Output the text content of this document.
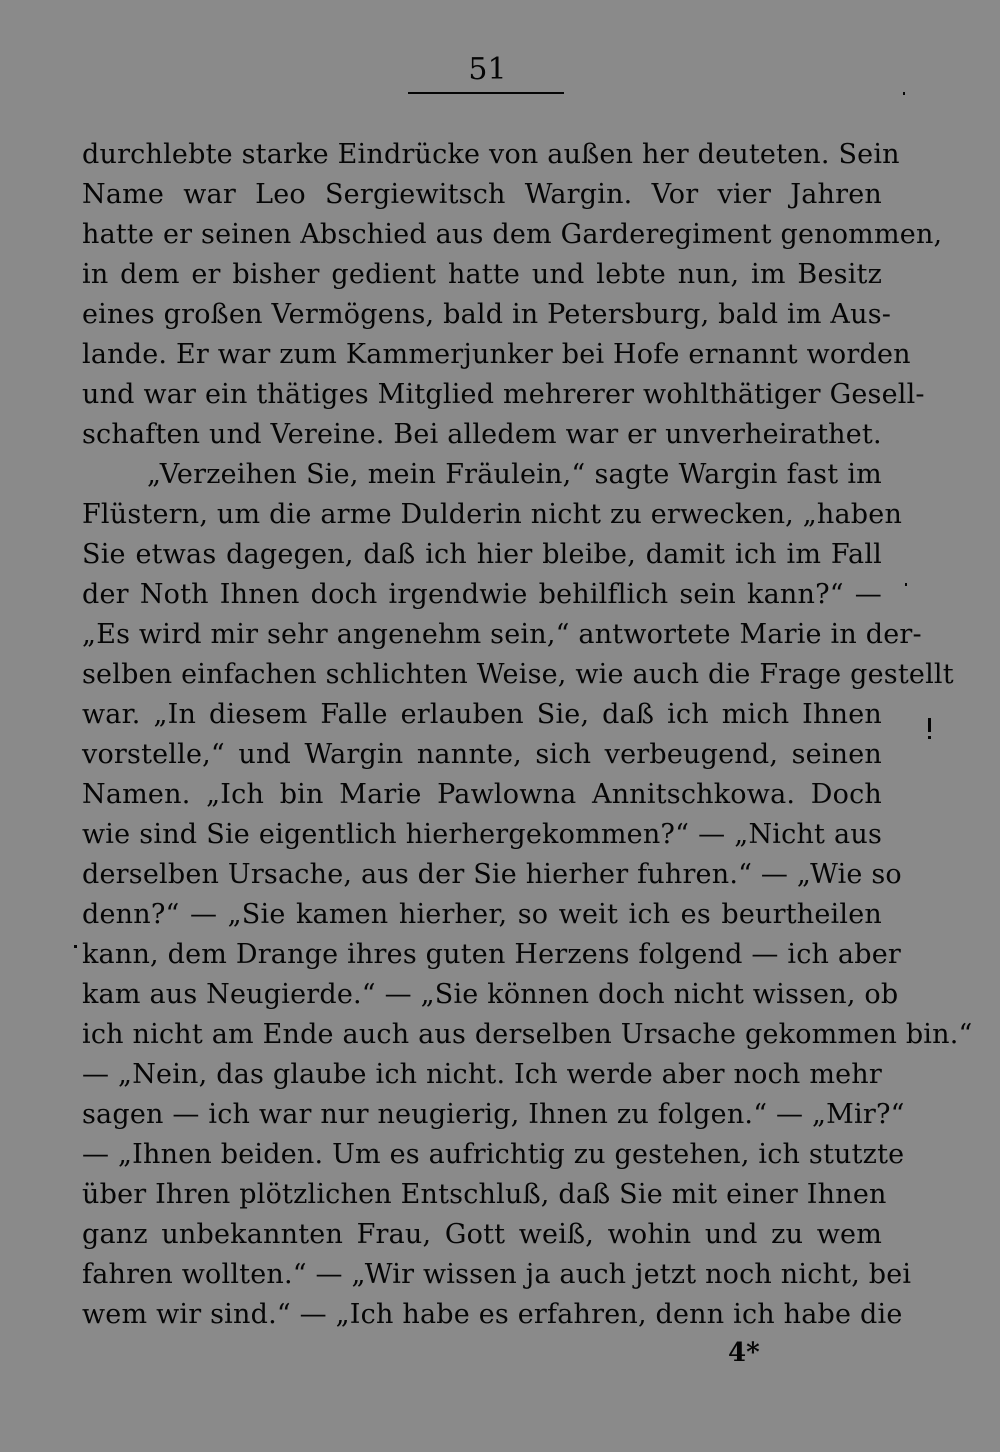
51
durchlebte starke Eindrücke von außen her deuteten. Sein
Name war Leo Sergiewitsch Wargin. Vor vier Jahren
hatte er seinen Abschied aus dem Garderegiment genommen,
in dem er bisher gedient hatte und lebte nun, im Besitz
eines großen Vermögens, bald in Petersburg, bald im Aus-
lande. Er war zum Kammerjunker bei Hofe ernannt worden
und war ein thätiges Mitglied mehrerer wohlthätiger Gesell-
schaften und Vereine. Bei alledem war er unverheirathet.
„Verzeihen Sie, mein Fräulein,“ sagte Wargin fast im
Flüstern, um die arme Dulderin nicht zu erwecken, „haben
Sie etwas dagegen, daß ich hier bleibe, damit ich im Fall
der Noth Ihnen doch irgendwie behilflich sein kann?“ —
„Es wird mir sehr angenehm sein,“ antwortete Marie in der-
selben einfachen schlichten Weise, wie auch die Frage gestellt
war. „In diesem Falle erlauben Sie, daß ich mich Ihnen
vorstelle,“ und Wargin nannte, sich verbeugend, seinen
Namen. „Ich bin Marie Pawlowna Annitschkowa. Doch
wie sind Sie eigentlich hierhergekommen?“ — „Nicht aus
derselben Ursache, aus der Sie hierher fuhren.“ — „Wie so
denn?“ — „Sie kamen hierher, so weit ich es beurtheilen
kann, dem Drange ihres guten Herzens folgend — ich aber
kam aus Neugierde.“ — „Sie können doch nicht wissen, ob
ich nicht am Ende auch aus derselben Ursache gekommen bin.“
— „Nein, das glaube ich nicht. Ich werde aber noch mehr
sagen — ich war nur neugierig, Ihnen zu folgen.“ — „Mir?“
— „Ihnen beiden. Um es aufrichtig zu gestehen, ich stutzte
über Ihren plötzlichen Entschluß, daß Sie mit einer Ihnen
ganz unbekannten Frau, Gott weiß, wohin und zu wem
fahren wollten.“ — „Wir wissen ja auch jetzt noch nicht, bei
wem wir sind.“ — „Ich habe es erfahren, denn ich habe die
4*
